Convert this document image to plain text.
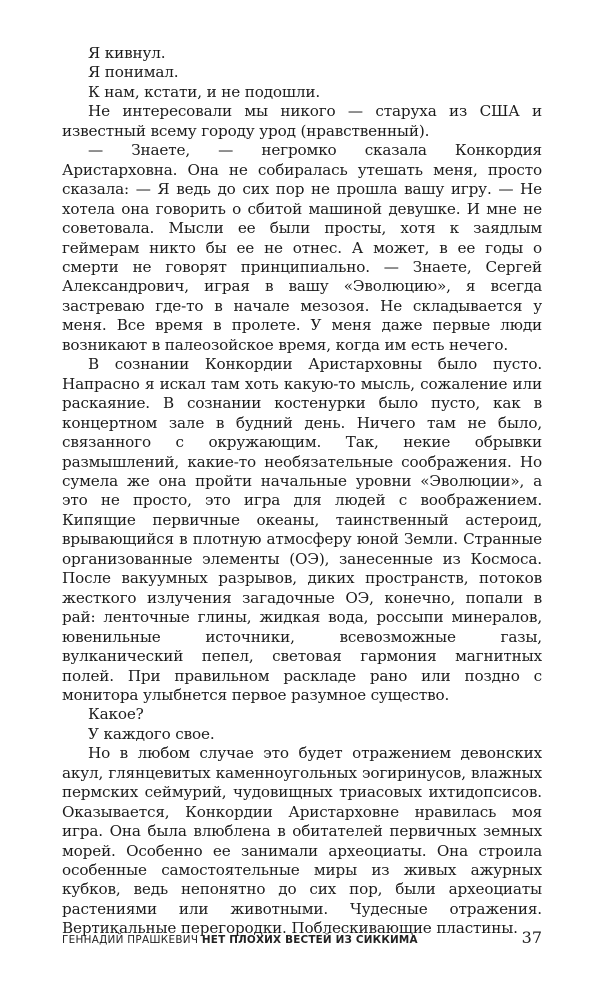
Я кивнул.

Я понимал.

К нам, кстати, и не подошли.

Не интересовали мы никого — старуха из США и известный всему городу урод (нравственный).

— Знаете, — негромко сказала Конкордия Аристарховна. Она не собиралась утешать меня, просто сказала: — Я ведь до сих пор не прошла вашу игру. — Не хотела она говорить о сбитой машиной девушке. И мне не советовала. Мысли ее были просты, хотя к заядлым геймерам никто бы ее не отнес. А может, в ее годы о смерти не говорят принципиально. — Знаете, Сергей Александрович, играя в вашу «Эволюцию», я всегда застреваю где-то в начале мезозоя. Не складывается у меня. Все время в пролете. У меня даже первые люди возникают в палеозойское время, когда им есть нечего.

В сознании Конкордии Аристарховны было пусто. Напрасно я искал там хоть какую-то мысль, сожаление или раскаяние. В сознании костенурки было пусто, как в концертном зале в будний день. Ничего там не было, связанного с окружающим. Так, некие обрывки размышлений, какие-то необязательные соображения. Но сумела же она пройти начальные уровни «Эволюции», а это не просто, это игра для людей с воображением. Кипящие первичные океаны, таинственный астероид, врывающийся в плотную атмосферу юной Земли. Странные организованные элементы (ОЭ), занесенные из Космоса. После вакуумных разрывов, диких пространств, потоков жесткого излучения загадочные ОЭ, конечно, попали в рай: ленточные глины, жидкая вода, россыпи минералов, ювенильные источники, всевозможные газы, вулканический пепел, световая гармония магнитных полей. При правильном раскладе рано или поздно с монитора улыбнется первое разумное существо.

Какое?

У каждого свое.

Но в любом случае это будет отражением девонских акул, глянцевитых каменноугольных эогиринусов, влажных пермских сеймурий, чудовищных триасовых ихтидопсисов. Оказывается, Конкордии Аристарховне нравилась моя игра. Она была влюблена в обитателей первичных земных морей. Особенно ее занимали археоциаты. Она строила особенные самостоятельные миры из живых ажурных кубков, ведь непонятно до сих пор, были археоциаты растениями или животными. Чудесные отражения. Вертикальные перегородки. Поблескивающие пластины.

ГЕННАДИЙ ПРАШКЕВИЧ НЕТ ПЛОХИХ ВЕСТЕЙ ИЗ СИККИМА	37
